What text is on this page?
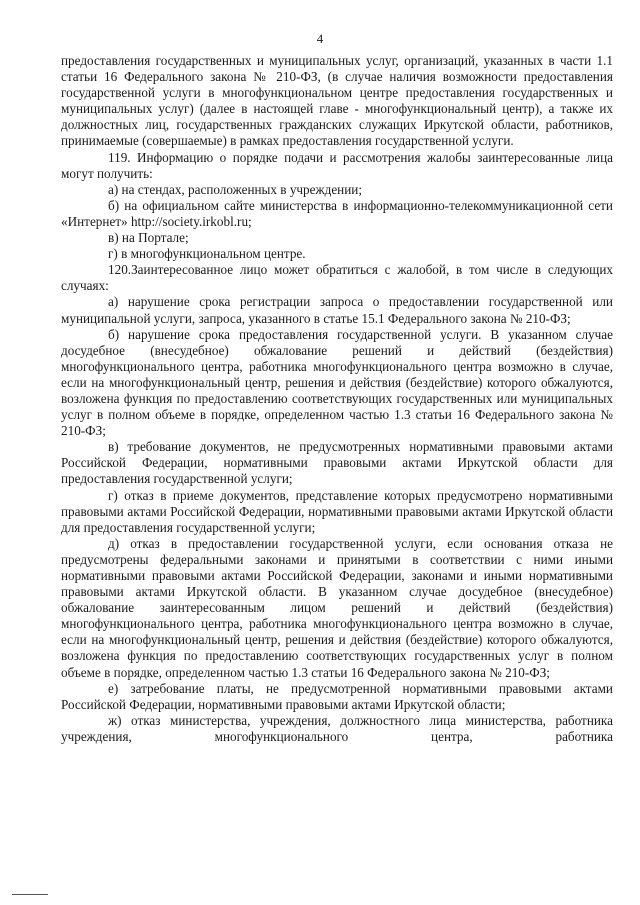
4

предоставления государственных и муниципальных услуг, организаций, указанных в части 1.1 статьи 16 Федерального закона № 210-ФЗ, (в случае наличия возможности предоставления государственной услуги в многофункциональном центре предоставления государственных и муниципальных услуг) (далее в настоящей главе - многофункциональный центр), а также их должностных лиц, государственных гражданских служащих Иркутской области, работников, принимаемые (совершаемые) в рамках предоставления государственной услуги.

119. Информацию о порядке подачи и рассмотрения жалобы заинтересованные лица могут получить:

а) на стендах, расположенных в учреждении;

б) на официальном сайте министерства в информационно-телекоммуникационной сети «Интернет» http://society.irkobl.ru;

в) на Портале;

г) в многофункциональном центре.

120.Заинтересованное лицо может обратиться с жалобой, в том числе в следующих случаях:

а) нарушение срока регистрации запроса о предоставлении государственной или муниципальной услуги, запроса, указанного в статье 15.1 Федерального закона № 210-ФЗ;

б) нарушение срока предоставления государственной услуги. В указанном случае досудебное (внесудебное) обжалование решений и действий (бездействия) многофункционального центра, работника многофункционального центра возможно в случае, если на многофункциональный центр, решения и действия (бездействие) которого обжалуются, возложена функция по предоставлению соответствующих государственных или муниципальных услуг в полном объеме в порядке, определенном частью 1.3 статьи 16 Федерального закона № 210-ФЗ;

в) требование документов, не предусмотренных нормативными правовыми актами Российской Федерации, нормативными правовыми актами Иркутской области для предоставления государственной услуги;

г) отказ в приеме документов, представление которых предусмотрено нормативными правовыми актами Российской Федерации, нормативными правовыми актами Иркутской области для предоставления государственной услуги;

д) отказ в предоставлении государственной услуги, если основания отказа не предусмотрены федеральными законами и принятыми в соответствии с ними иными нормативными правовыми актами Российской Федерации, законами и иными нормативными правовыми актами Иркутской области. В указанном случае досудебное (внесудебное) обжалование заинтересованным лицом решений и действий (бездействия) многофункционального центра, работника многофункционального центра возможно в случае, если на многофункциональный центр, решения и действия (бездействие) которого обжалуются, возложена функция по предоставлению соответствующих государственных услуг в полном объеме в порядке, определенном частью 1.3 статьи 16 Федерального закона № 210-ФЗ;

е) затребование платы, не предусмотренной нормативными правовыми актами Российской Федерации, нормативными правовыми актами Иркутской области;

ж) отказ министерства, учреждения, должностного лица министерства, работника учреждения, многофункционального центра, работника
